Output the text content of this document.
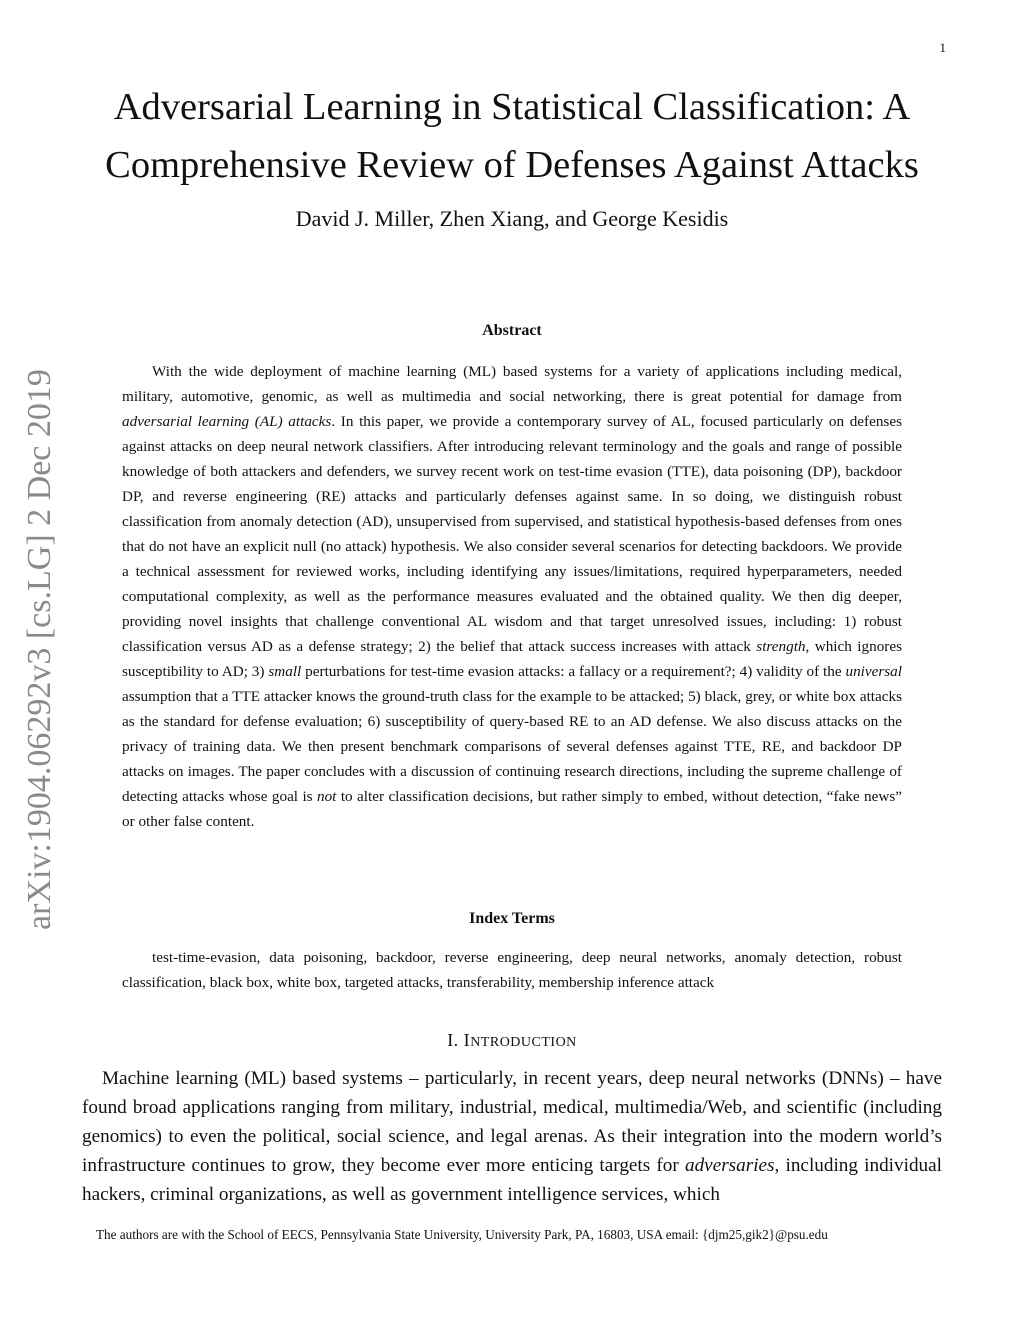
1
Adversarial Learning in Statistical Classification: A Comprehensive Review of Defenses Against Attacks
David J. Miller, Zhen Xiang, and George Kesidis
arXiv:1904.06292v3 [cs.LG] 2 Dec 2019
Abstract

With the wide deployment of machine learning (ML) based systems for a variety of applications including medical, military, automotive, genomic, as well as multimedia and social networking, there is great potential for damage from adversarial learning (AL) attacks. In this paper, we provide a contemporary survey of AL, focused particularly on defenses against attacks on deep neural network classifiers. After introducing relevant terminology and the goals and range of possible knowledge of both attackers and defenders, we survey recent work on test-time evasion (TTE), data poisoning (DP), backdoor DP, and reverse engineering (RE) attacks and particularly defenses against same. In so doing, we distinguish robust classification from anomaly detection (AD), unsupervised from supervised, and statistical hypothesis-based defenses from ones that do not have an explicit null (no attack) hypothesis. We also consider several scenarios for detecting backdoors. We provide a technical assessment for reviewed works, including identifying any issues/limitations, required hyperparameters, needed computational complexity, as well as the performance measures evaluated and the obtained quality. We then dig deeper, providing novel insights that challenge conventional AL wisdom and that target unresolved issues, including: 1) robust classification versus AD as a defense strategy; 2) the belief that attack success increases with attack strength, which ignores susceptibility to AD; 3) small perturbations for test-time evasion attacks: a fallacy or a requirement?; 4) validity of the universal assumption that a TTE attacker knows the ground-truth class for the example to be attacked; 5) black, grey, or white box attacks as the standard for defense evaluation; 6) susceptibility of query-based RE to an AD defense. We also discuss attacks on the privacy of training data. We then present benchmark comparisons of several defenses against TTE, RE, and backdoor DP attacks on images. The paper concludes with a discussion of continuing research directions, including the supreme challenge of detecting attacks whose goal is not to alter classification decisions, but rather simply to embed, without detection, “fake news” or other false content.

Index Terms

test-time-evasion, data poisoning, backdoor, reverse engineering, deep neural networks, anomaly detection, robust classification, black box, white box, targeted attacks, transferability, membership inference attack

I. INTRODUCTION

Machine learning (ML) based systems – particularly, in recent years, deep neural networks (DNNs) – have found broad applications ranging from military, industrial, medical, multimedia/Web, and scientific (including genomics) to even the political, social science, and legal arenas. As their integration into the modern world’s infrastructure continues to grow, they become ever more enticing targets for adversaries, including individual hackers, criminal organizations, as well as government intelligence services, which

The authors are with the School of EECS, Pennsylvania State University, University Park, PA, 16803, USA email: {djm25,gik2}@psu.edu
